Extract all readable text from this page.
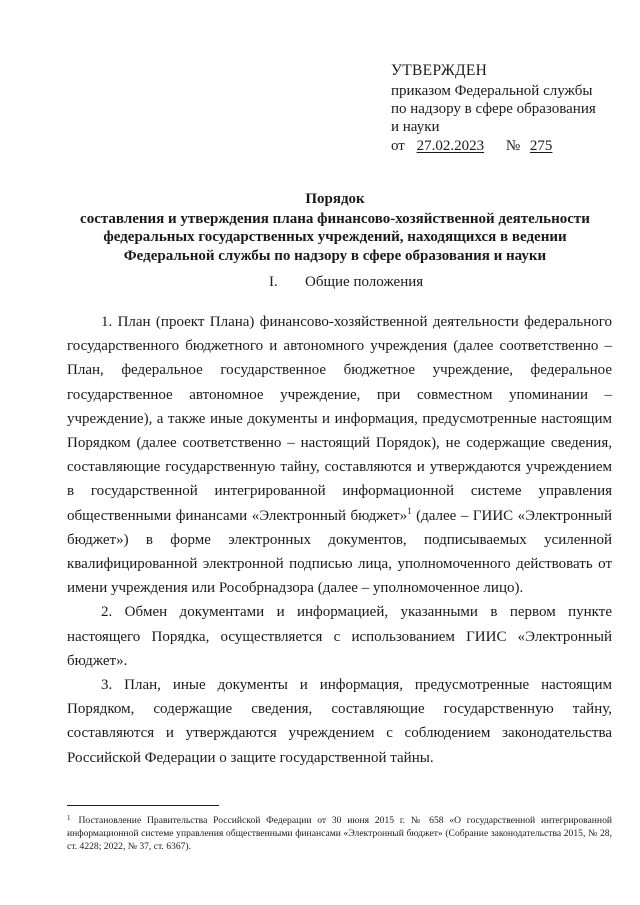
УТВЕРЖДЕН
приказом Федеральной службы
по надзору в сфере образования
и науки
от 27.02.2023 № 275
Порядок
составления и утверждения плана финансово-хозяйственной деятельности
федеральных государственных учреждений, находящихся в ведении
Федеральной службы по надзору в сфере образования и науки
I. Общие положения

1. План (проект Плана) финансово-хозяйственной деятельности федерального государственного бюджетного и автономного учреждения (далее соответственно – План, федеральное государственное бюджетное учреждение, федеральное государственное автономное учреждение, при совместном упоминании – учреждение), а также иные документы и информация, предусмотренные настоящим Порядком (далее соответственно – настоящий Порядок), не содержащие сведения, составляющие государственную тайну, составляются и утверждаются учреждением в государственной интегрированной информационной системе управления общественными финансами «Электронный бюджет»$^1$ (далее – ГИИС «Электронный бюджет») в форме электронных документов, подписываемых усиленной квалифицированной электронной подписью лица, уполномоченного действовать от имени учреждения или Рособрнадзора (далее – уполномоченное лицо).

2. Обмен документами и информацией, указанными в первом пункте настоящего Порядка, осуществляется с использованием ГИИС «Электронный бюджет».

3. План, иные документы и информация, предусмотренные настоящим Порядком, содержащие сведения, составляющие государственную тайну, составляются и утверждаются учреждением с соблюдением законодательства Российской Федерации о защите государственной тайны.

$^1$ Постановление Правительства Российской Федерации от 30 июня 2015 г. № 658 «О государственной интегрированной информационной системе управления общественными финансами «Электронный бюджет» (Собрание законодательства 2015, № 28, ст. 4228; 2022, № 37, ст. 6367).
